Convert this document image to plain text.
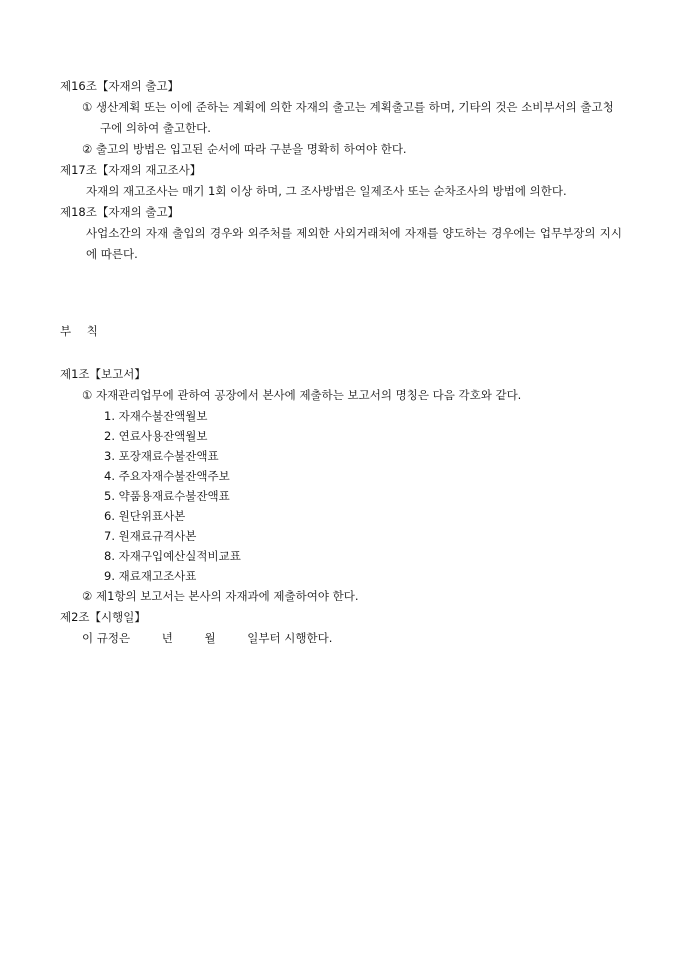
제16조【자재의 출고】
① 생산계획 또는 이에 준하는 계획에 의한 자재의 출고는 계획출고를 하며, 기타의 것은 소비부서의 출고청구에 의하여 출고한다.
② 출고의 방법은 입고된 순서에 따라 구분을 명확히 하여야 한다.
제17조【자재의 재고조사】
자재의 재고조사는 매기 1회 이상 하며, 그 조사방법은 일제조사 또는 순차조사의 방법에 의한다.
제18조【자재의 출고】
사업소간의 자재 출입의 경우와 외주처를 제외한 사외거래처에 자재를 양도하는 경우에는 업무부장의 지시에 따른다.
부 칙
제1조【보고서】
① 자재관리업무에 관하여 공장에서 본사에 제출하는 보고서의 명칭은 다음 각호와 같다.
1. 자재수불잔액월보
2. 연료사용잔액월보
3. 포장재료수불잔액표
4. 주요자재수불잔액주보
5. 약품용재료수불잔액표
6. 원단위표사본
7. 원재료규격사본
8. 자재구입예산실적비교표
9. 재료재고조사표
② 제1항의 보고서는 본사의 자재과에 제출하여야 한다.
제2조【시행일】
이 규정은	년	월	일부터 시행한다.
